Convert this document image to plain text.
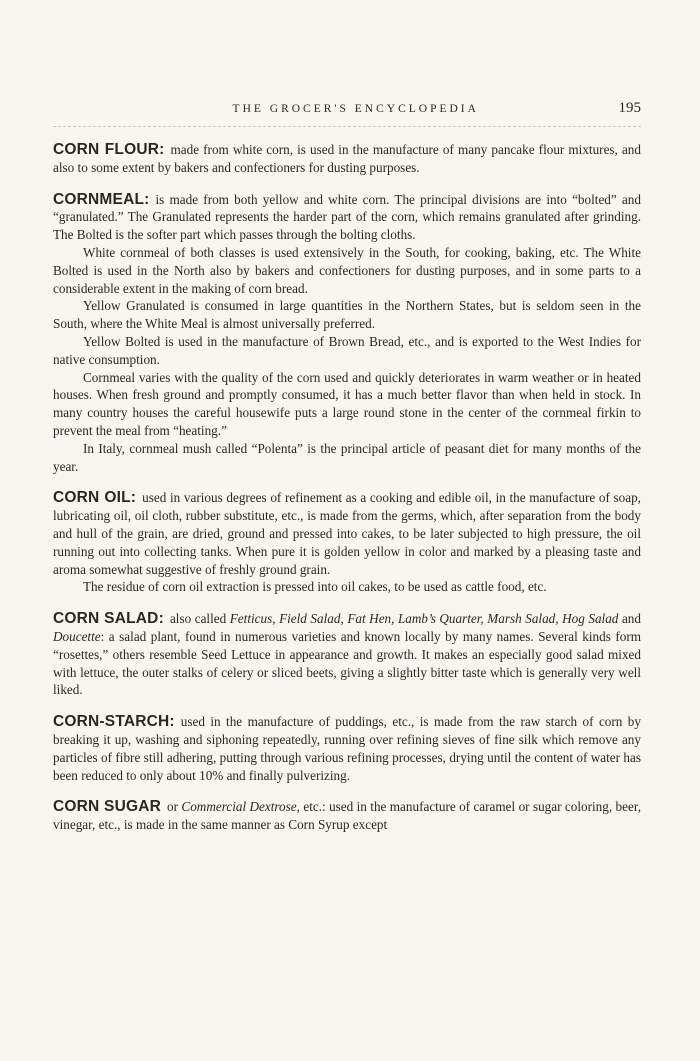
THE GROCER'S ENCYCLOPEDIA	195

CORN FLOUR: made from white corn, is used in the manufacture of many pancake flour mixtures, and also to some extent by bakers and confectioners for dusting purposes.

CORNMEAL: is made from both yellow and white corn. The principal divisions are into “bolted” and “granulated.” The Granulated represents the harder part of the corn, which remains granulated after grinding. The Bolted is the softer part which passes through the bolting cloths.

White cornmeal of both classes is used extensively in the South, for cooking, baking, etc. The White Bolted is used in the North also by bakers and confectioners for dusting purposes, and in some parts to a considerable extent in the making of corn bread.

Yellow Granulated is consumed in large quantities in the Northern States, but is seldom seen in the South, where the White Meal is almost universally preferred.

Yellow Bolted is used in the manufacture of Brown Bread, etc., and is exported to the West Indies for native consumption.

Cornmeal varies with the quality of the corn used and quickly deteriorates in warm weather or in heated houses. When fresh ground and promptly consumed, it has a much better flavor than when held in stock. In many country houses the careful housewife puts a large round stone in the center of the cornmeal firkin to prevent the meal from “heating.”

In Italy, cornmeal mush called “Polenta” is the principal article of peasant diet for many months of the year.

CORN OIL: used in various degrees of refinement as a cooking and edible oil, in the manufacture of soap, lubricating oil, oil cloth, rubber substitute, etc., is made from the germs, which, after separation from the body and hull of the grain, are dried, ground and pressed into cakes, to be later subjected to high pressure, the oil running out into collecting tanks. When pure it is golden yellow in color and marked by a pleasing taste and aroma somewhat suggestive of freshly ground grain.

The residue of corn oil extraction is pressed into oil cakes, to be used as cattle food, etc.

CORN SALAD: also called Fetticus, Field Salad, Fat Hen, Lamb’s Quarter, Marsh Salad, Hog Salad and Doucette: a salad plant, found in numerous varieties and known locally by many names. Several kinds form “rosettes,” others resemble Seed Lettuce in appearance and growth. It makes an especially good salad mixed with lettuce, the outer stalks of celery or sliced beets, giving a slightly bitter taste which is generally very well liked.

CORN-STARCH: used in the manufacture of puddings, etc., is made from the raw starch of corn by breaking it up, washing and siphoning repeatedly, running over refining sieves of fine silk which remove any particles of fibre still adhering, putting through various refining processes, drying until the content of water has been reduced to only about 10% and finally pulverizing.

CORN SUGAR or Commercial Dextrose, etc.: used in the manufacture of caramel or sugar coloring, beer, vinegar, etc., is made in the same manner as Corn Syrup except
